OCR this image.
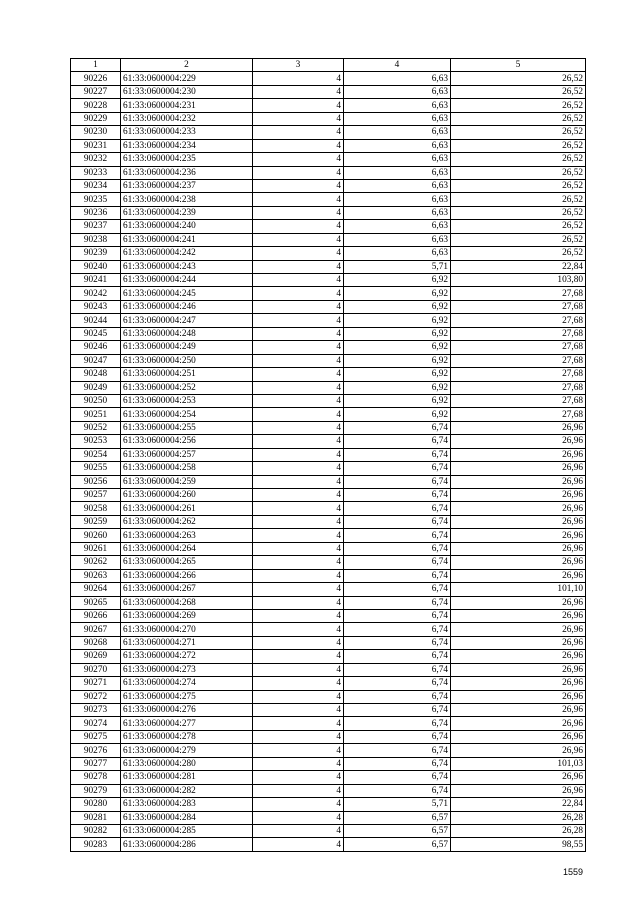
1	2	3	4	5
90226	61:33:0600004:229	4	6,63	26,52
90227	61:33:0600004:230	4	6,63	26,52
90228	61:33:0600004:231	4	6,63	26,52
90229	61:33:0600004:232	4	6,63	26,52
90230	61:33:0600004:233	4	6,63	26,52
90231	61:33:0600004:234	4	6,63	26,52
90232	61:33:0600004:235	4	6,63	26,52
90233	61:33:0600004:236	4	6,63	26,52
90234	61:33:0600004:237	4	6,63	26,52
90235	61:33:0600004:238	4	6,63	26,52
90236	61:33:0600004:239	4	6,63	26,52
90237	61:33:0600004:240	4	6,63	26,52
90238	61:33:0600004:241	4	6,63	26,52
90239	61:33:0600004:242	4	6,63	26,52
90240	61:33:0600004:243	4	5,71	22,84
90241	61:33:0600004:244	4	6,92	103,80
90242	61:33:0600004:245	4	6,92	27,68
90243	61:33:0600004:246	4	6,92	27,68
90244	61:33:0600004:247	4	6,92	27,68
90245	61:33:0600004:248	4	6,92	27,68
90246	61:33:0600004:249	4	6,92	27,68
90247	61:33:0600004:250	4	6,92	27,68
90248	61:33:0600004:251	4	6,92	27,68
90249	61:33:0600004:252	4	6,92	27,68
90250	61:33:0600004:253	4	6,92	27,68
90251	61:33:0600004:254	4	6,92	27,68
90252	61:33:0600004:255	4	6,74	26,96
90253	61:33:0600004:256	4	6,74	26,96
90254	61:33:0600004:257	4	6,74	26,96
90255	61:33:0600004:258	4	6,74	26,96
90256	61:33:0600004:259	4	6,74	26,96
90257	61:33:0600004:260	4	6,74	26,96
90258	61:33:0600004:261	4	6,74	26,96
90259	61:33:0600004:262	4	6,74	26,96
90260	61:33:0600004:263	4	6,74	26,96
90261	61:33:0600004:264	4	6,74	26,96
90262	61:33:0600004:265	4	6,74	26,96
90263	61:33:0600004:266	4	6,74	26,96
90264	61:33:0600004:267	4	6,74	101,10
90265	61:33:0600004:268	4	6,74	26,96
90266	61:33:0600004:269	4	6,74	26,96
90267	61:33:0600004:270	4	6,74	26,96
90268	61:33:0600004:271	4	6,74	26,96
90269	61:33:0600004:272	4	6,74	26,96
90270	61:33:0600004:273	4	6,74	26,96
90271	61:33:0600004:274	4	6,74	26,96
90272	61:33:0600004:275	4	6,74	26,96
90273	61:33:0600004:276	4	6,74	26,96
90274	61:33:0600004:277	4	6,74	26,96
90275	61:33:0600004:278	4	6,74	26,96
90276	61:33:0600004:279	4	6,74	26,96
90277	61:33:0600004:280	4	6,74	101,03
90278	61:33:0600004:281	4	6,74	26,96
90279	61:33:0600004:282	4	6,74	26,96
90280	61:33:0600004:283	4	5,71	22,84
90281	61:33:0600004:284	4	6,57	26,28
90282	61:33:0600004:285	4	6,57	26,28
90283	61:33:0600004:286	4	6,57	98,55
1559
